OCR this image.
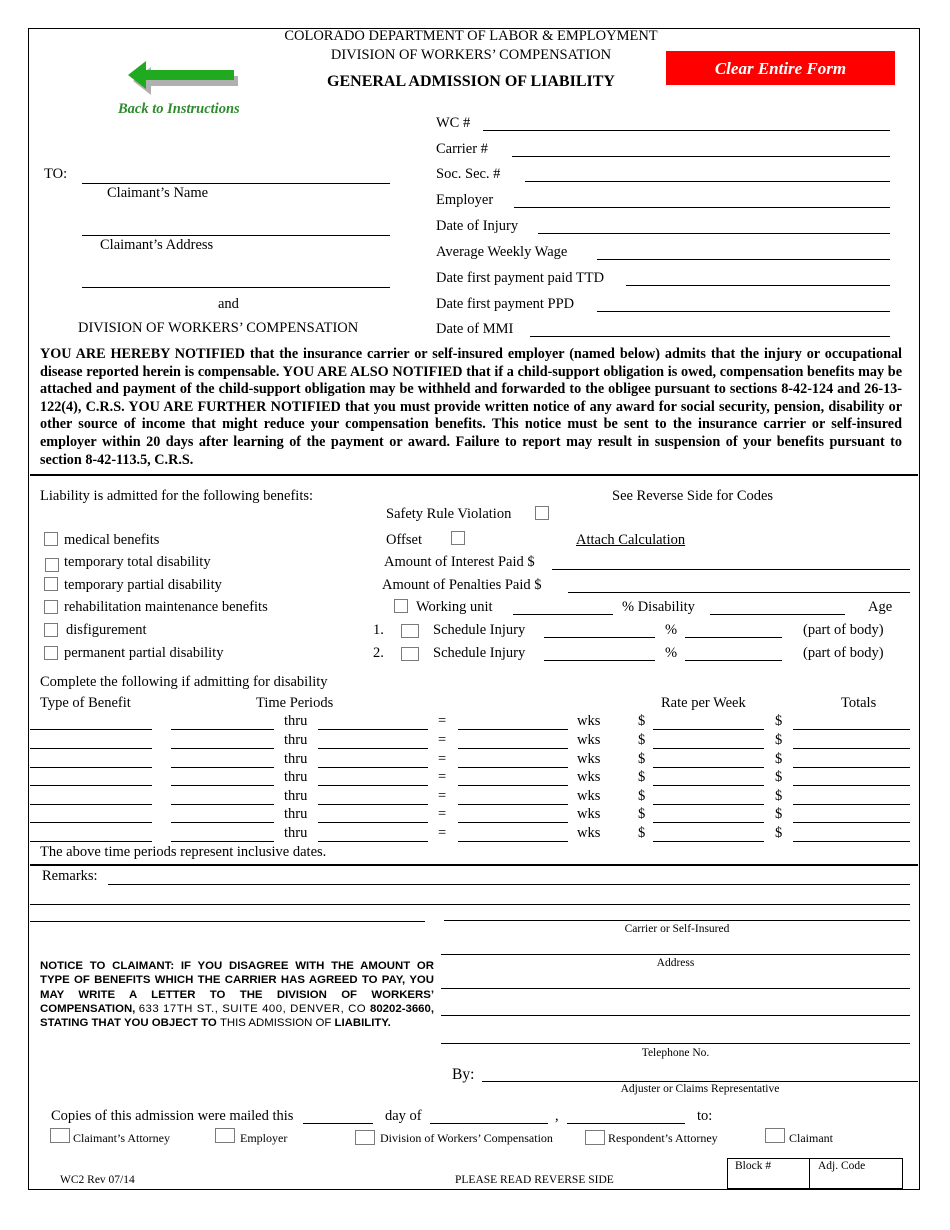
COLORADO DEPARTMENT OF LABOR & EMPLOYMENT
DIVISION OF WORKERS’ COMPENSATION
GENERAL ADMISSION OF LIABILITY
Back to Instructions
Clear Entire Form
TO:
Claimant’s Name
Claimant’s Address
and
DIVISION OF WORKERS’ COMPENSATION
WC #
Carrier #
Soc. Sec. #
Employer
Date of Injury
Average Weekly Wage
Date first payment paid TTD
Date first payment PPD
Date of MMI
YOU ARE HEREBY NOTIFIED that the insurance carrier or self-insured employer (named below) admits that the injury or occupational disease reported herein is compensable. YOU ARE ALSO NOTIFIED that if a child-support obligation is owed, compensation benefits may be attached and payment of the child-support obligation may be withheld and forwarded to the obligee pursuant to sections 8-42-124 and 26-13-122(4), C.R.S. YOU ARE FURTHER NOTIFIED that you must provide written notice of any award for social security, pension, disability or other source of income that might reduce your compensation benefits. This notice must be sent to the insurance carrier or self-insured employer within 20 days after learning of the payment or award. Failure to report may result in suspension of your benefits pursuant to section 8-42-113.5, C.R.S.
Liability is admitted for the following benefits:	See Reverse Side for Codes
medical benefits
temporary total disability
temporary partial disability
rehabilitation maintenance benefits
disfigurement
permanent partial disability
Safety Rule Violation
Offset	Attach Calculation
Amount of Interest Paid $
Amount of Penalties Paid $
Working unit	% Disability	Age
1.	Schedule Injury	%	(part of body)
2.	Schedule Injury	%	(part of body)
Complete the following if admitting for disability
Type of Benefit	Time Periods	Rate per Week	Totals
thru	=	wks	$	$
thru	=	wks	$	$
thru	=	wks	$	$
thru	=	wks	$	$
thru	=	wks	$	$
thru	=	wks	$	$
thru	=	wks	$	$
The above time periods represent inclusive dates.
Remarks:
Carrier or Self-Insured
Address
Telephone No.
By:
Adjuster or Claims Representative
NOTICE TO CLAIMANT: IF YOU DISAGREE WITH THE AMOUNT OR TYPE OF BENEFITS WHICH THE CARRIER HAS AGREED TO PAY, YOU MAY WRITE A LETTER TO THE DIVISION OF WORKERS’ COMPENSATION, 633 17TH ST., SUITE 400, DENVER, CO 80202-3660, STATING THAT YOU OBJECT TO THIS ADMISSION OF LIABILITY.
Copies of this admission were mailed this	day of	,	to:
Claimant’s Attorney	Employer	Division of Workers’ Compensation	Respondent’s Attorney	Claimant
WC2 Rev 07/14	PLEASE READ REVERSE SIDE
Block #	Adj. Code
